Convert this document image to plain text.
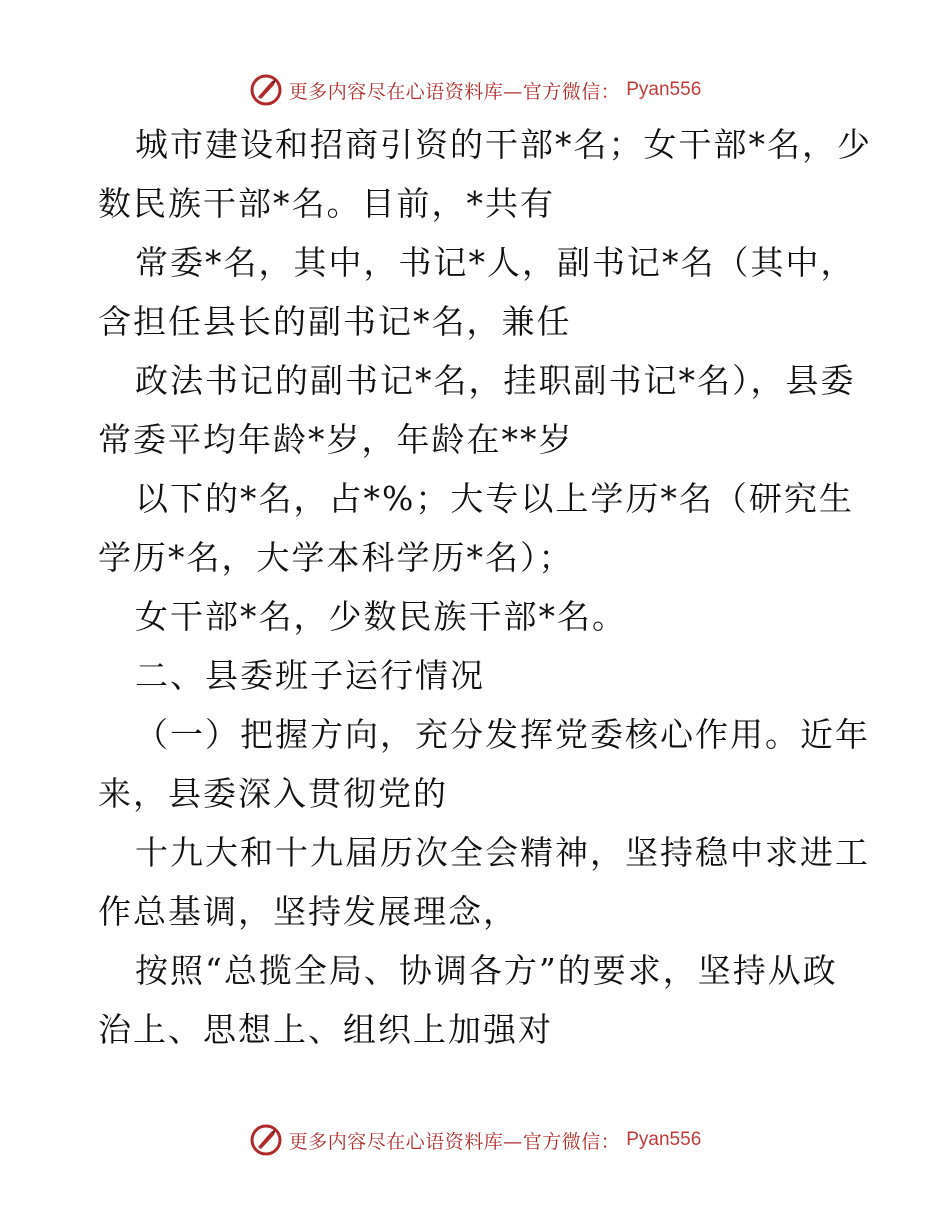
更多内容尽在心语资料库—官方微信： Pyan556
城市建设和招商引资的干部*名；女干部*名，少
数民族干部*名。目前，*共有
常委*名，其中，书记*人，副书记*名（其中，
含担任县长的副书记*名，兼任
政法书记的副书记*名，挂职副书记*名），县委
常委平均年龄*岁，年龄在**岁
以下的*名，占*%；大专以上学历*名（研究生
学历*名，大学本科学历*名）；
女干部*名，少数民族干部*名。
二、县委班子运行情况
（一）把握方向，充分发挥党委核心作用。近年
来，县委深入贯彻党的
十九大和十九届历次全会精神，坚持稳中求进工
作总基调，坚持发展理念，
按照“总揽全局、协调各方”的要求，坚持从政
治上、思想上、组织上加强对
更多内容尽在心语资料库—官方微信： Pyan556
